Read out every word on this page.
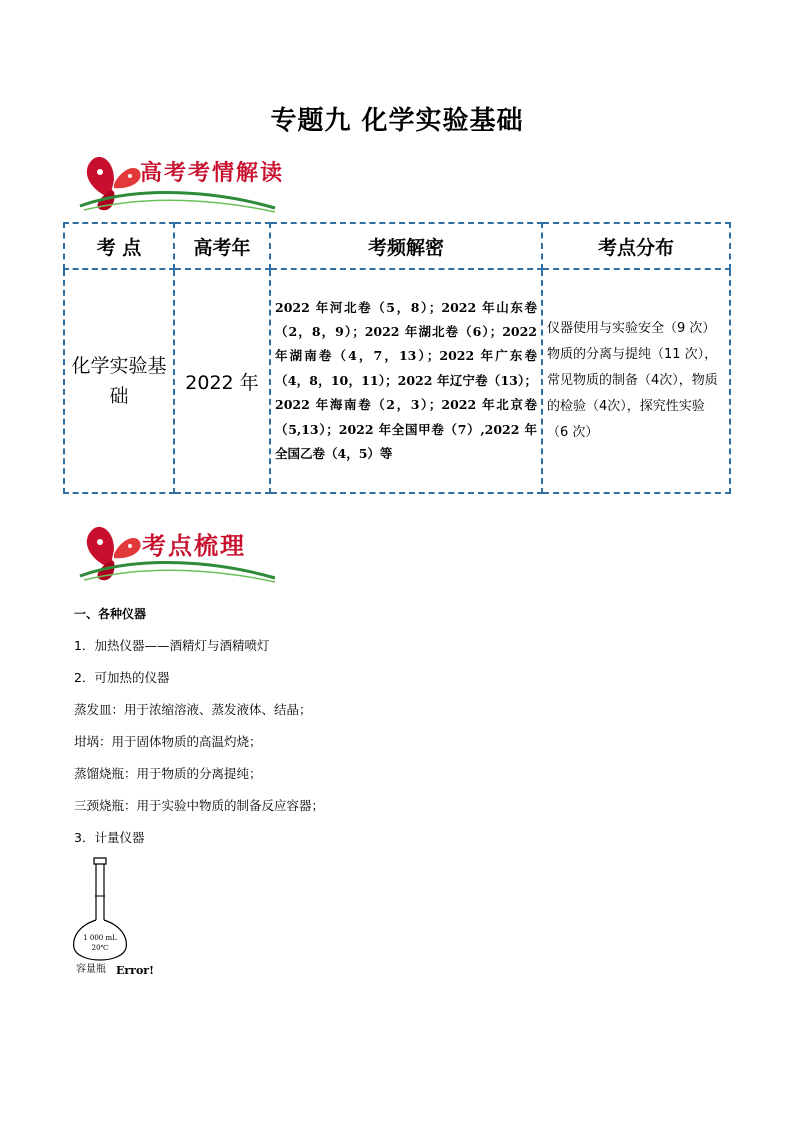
专题九 化学实验基础
高考考情解读
考 点	高考年	考频解密	考点分布
化学实验基础	2022 年	2022 年河北卷（5，8）；2022 年山东卷（2，8，9）；2022 年湖北卷（6）；2022 年湖南卷（4，7，13）；2022 年广东卷（4，8，10，11）；2022 年辽宁卷（13）；2022 年海南卷（2，3）；2022 年北京卷（5,13）；2022 年全国甲卷（7）,2022 年全国乙卷（4，5）等	仪器使用与实验安全（9 次）物质的分离与提纯（11 次），常见物质的制备（4次），物质的检验（4次），探究性实验（6 次）
考点梳理
一、各种仪器
1．加热仪器——酒精灯与酒精喷灯
2．可加热的仪器
蒸发皿：用于浓缩溶液、蒸发液体、结晶；
坩埚：用于固体物质的高温灼烧；
蒸馏烧瓶：用于物质的分离提纯；
三颈烧瓶：用于实验中物质的制备反应容器；
3．计量仪器
1 000 mL
20℃
容量瓶 Error!
